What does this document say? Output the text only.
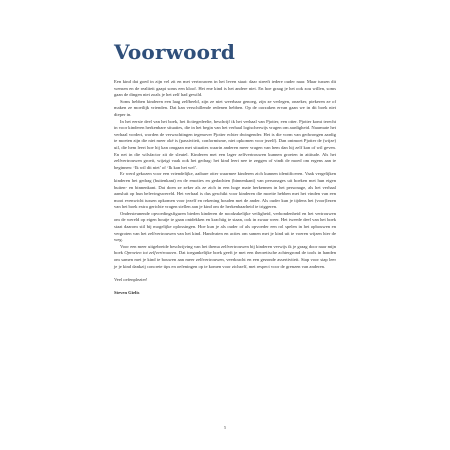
Voorwoord

Een kind dat goed in zijn vel zit en met vertrouwen in het leven staat: daar streeft iedere ouder naar. Maar tussen dit wensen en de realiteit gaapt soms een kloof. Het ene kind is het andere niet. En hoe graag je het ook zou willen, soms gaan de dingen niet zoals je het zelf had gewild.

Soms hebben kinderen een laag zelfbeeld, zijn ze niet weerbaar genoeg, zijn ze verlegen, onzeker, piekeren ze of maken ze moeilijk vrienden. Dat kan verschillende redenen hebben. Op de oorzaken ervan gaan we in dit boek niet dieper in.

In het eerste deel van het boek, het fictiegedeelte, beschrijf ik het verhaal van Pjotter, een otter. Pjotter komt terecht in voor kinderen herkenbare situaties, die in het begin van het verhaal logischerwijs vragen om aardigheid. Naarmate het verhaal vordert, worden de verwachtingen tegenover Pjotter echter dwingender. Het is die vorm van gedwongen aardig te moeten zijn die niet meer oké is (passiviteit, conformisme, niet opkomen voor jezelf). Dan ontmoet Pjotter de (wijze) uil, die hem leert hoe hij kan omgaan met situaties waarin anderen meer vragen van hem dan hij zelf kan of wil geven. En net in die wilsfactor zit de sleutel. Kinderen met een lager zelfvertrouwen kunnen groeien in attitude. Als het zelfvertrouwen groeit, wijzigt vaak ook het gedrag: het kind leert nee te zeggen of vindt de moed om ergens aan te beginnen: ‘Ik wil dit niet’ of ‘Ik kan het wel’.

Er werd gekozen voor een vriendelijke, aaibare otter waarmee kinderen zich kunnen identificeren. Vaak vergelijken kinderen het gedrag (buitenkant) en de emoties en gedachten (binnenkant) van personages uit boeken met hun eigen buiten- en binnenkant. Dat doen ze zeker als ze zich in een hoge mate herkennen in het personage, als het verhaal aansluit op hun belevingswereld. Het verhaal is dus geschikt voor kinderen die moeite hebben met het vinden van een mooi evenwicht tussen opkomen voor jezelf en rekening houden met de ander. Als ouder kun je tijdens het (voor)lezen van het boek extra gerichte vragen stellen aan je kind om de herkenbaarheid te triggeren.

Ondersteunende opvoedingsfiguren bieden kinderen de noodzakelijke veiligheid, verbondenheid en het vertrouwen om de wereld op eigen houtje te gaan ontdekken en krachtig te staan, ook in zwaar weer. Het tweede deel van het boek staat daarom stil bij mogelijke oplossingen. Hoe kun je als ouder of als opvoeder een rol spelen in het opbouwen en vergroten van het zelfvertrouwen van het kind. Handvaten en acties om samen met je kind uit te voeren wijzen hier de weg.

Voor een meer uitgebreide beschrijving van het thema zelfvertrouwen bij kinderen verwijs ik je graag door naar mijn boek Oproeien tot zelfvertrouwen. Dat toegankelijke boek geeft je met een theoretische achtergrond de tools in handen om samen met je kind te bouwen aan meer zelfvertrouwen, veerkracht en een gezonde assertiviteit. Stap voor stap leer je je kind dankzij concrete tips en oefeningen op te komen voor zichzelf, met respect voor de grenzen van anderen.

Veel oefenplezier!

Steven Gielis

5
